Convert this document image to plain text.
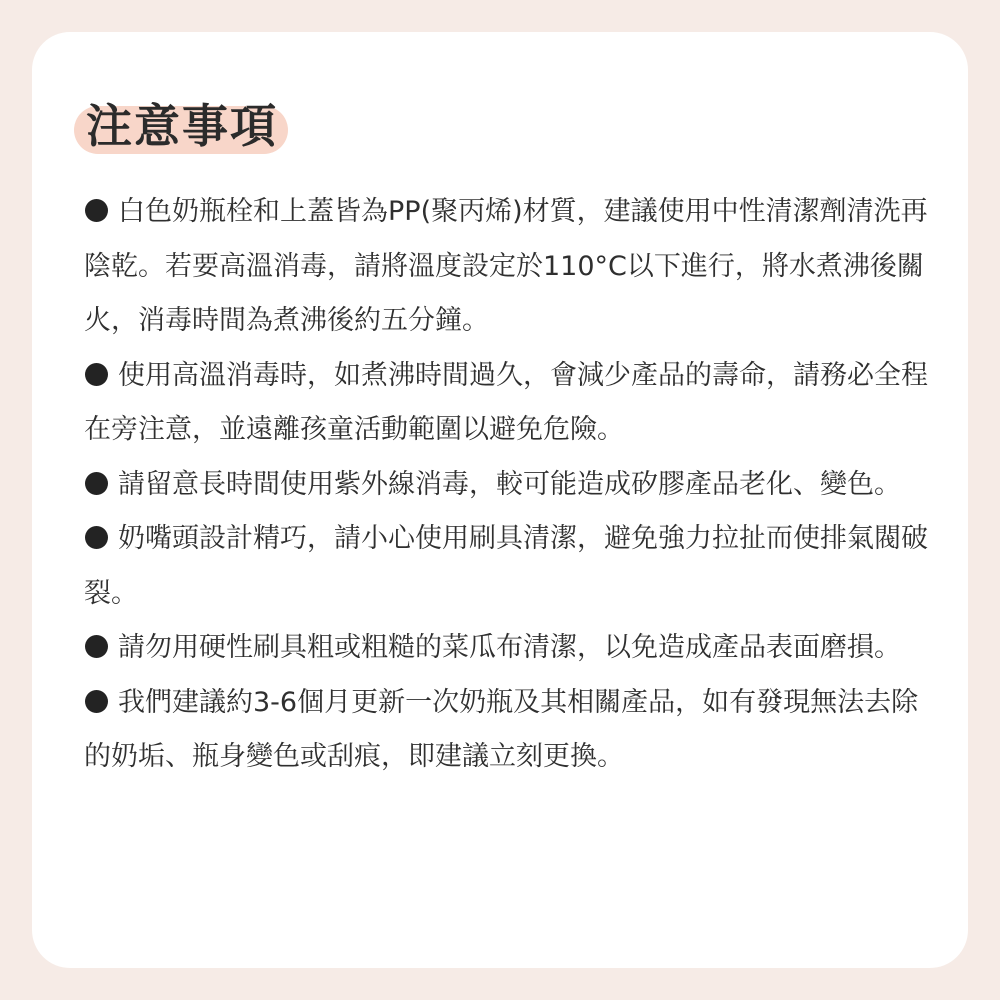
注意事項
白色奶瓶栓和上蓋皆為PP(聚丙烯)材質，建議使用中性清潔劑清洗再陰乾。若要高溫消毒，請將溫度設定於110°C以下進行，將水煮沸後關火，消毒時間為煮沸後約五分鐘。
使用高溫消毒時，如煮沸時間過久，會減少產品的壽命，請務必全程在旁注意，並遠離孩童活動範圍以避免危險。
請留意長時間使用紫外線消毒，較可能造成矽膠產品老化、變色。
奶嘴頭設計精巧，請小心使用刷具清潔，避免強力拉扯而使排氣閥破裂。
請勿用硬性刷具粗或粗糙的菜瓜布清潔，以免造成產品表面磨損。
我們建議約3-6個月更新一次奶瓶及其相關產品，如有發現無法去除的奶垢、瓶身變色或刮痕，即建議立刻更換。
